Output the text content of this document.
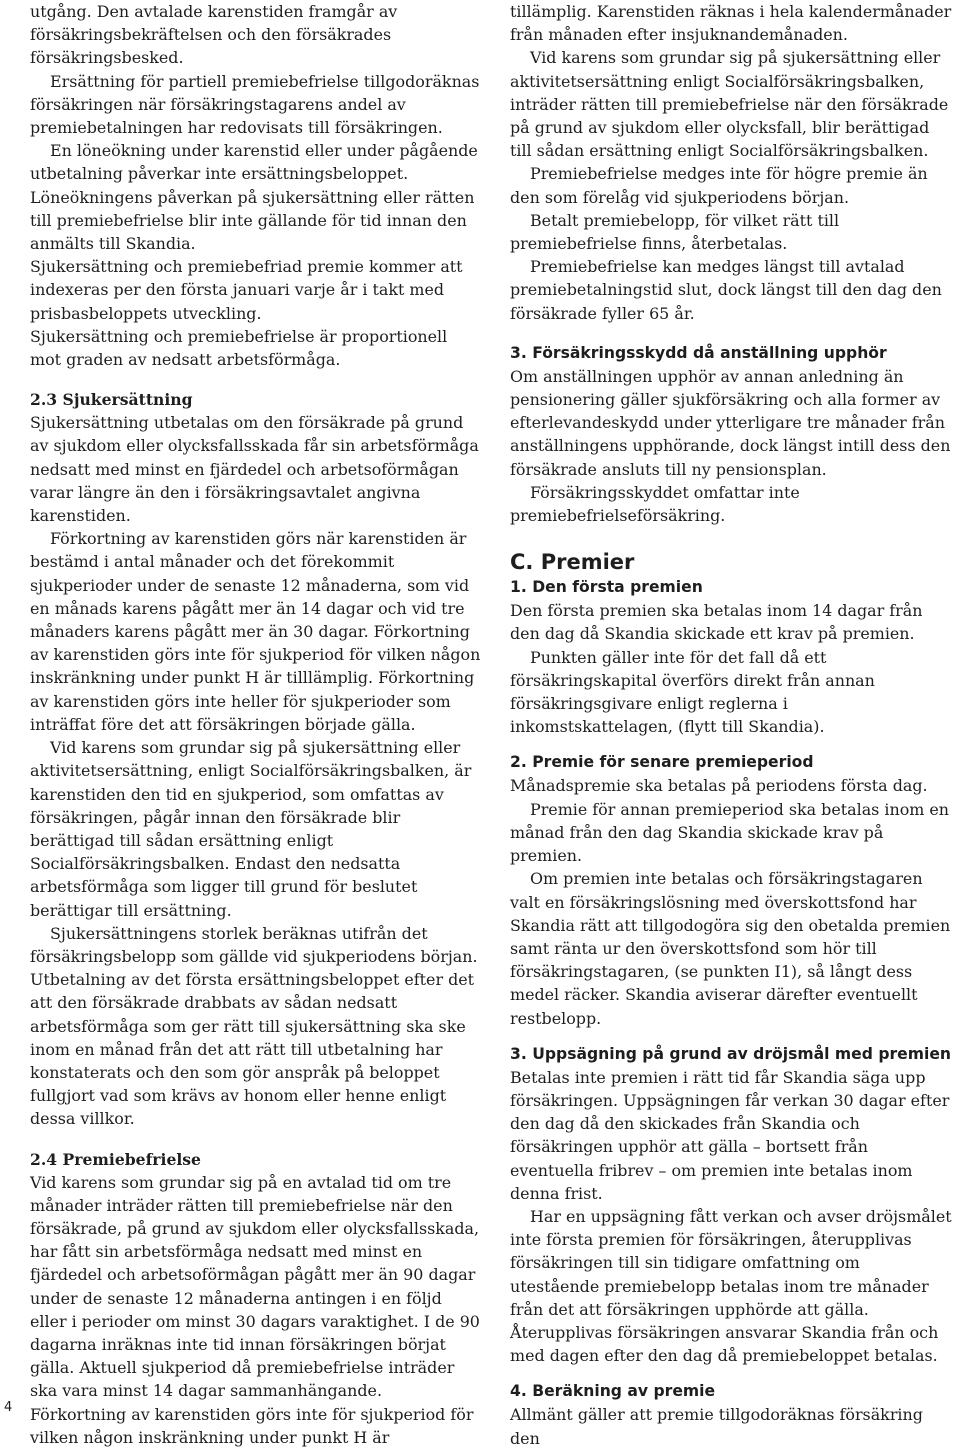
utgång. Den avtalade karenstiden framgår av försäkringsbekräftelsen och den försäkrades försäkringsbesked.

Ersättning för partiell premiebefrielse tillgodoräknas försäkringen när försäkringstagarens andel av premiebetalningen har redovisats till försäkringen.

En löneökning under karenstid eller under pågående utbetalning påverkar inte ersättningsbeloppet. Löneökningens påverkan på sjukersättning eller rätten till premiebefrielse blir inte gällande för tid innan den anmälts till Skandia.

Sjukersättning och premiebefriad premie kommer att indexeras per den första januari varje år i takt med prisbasbeloppets utveckling.

Sjukersättning och premiebefrielse är proportionell mot graden av nedsatt arbetsförmåga.

2.3 Sjukersättning

Sjukersättning utbetalas om den försäkrade på grund av sjukdom eller olycksfallsskada får sin arbetsförmåga nedsatt med minst en fjärdedel och arbetsoförmågan varar längre än den i försäkringsavtalet angivna karenstiden.

Förkortning av karenstiden görs när karenstiden är bestämd i antal månader och det förekommit sjukperioder under de senaste 12 månaderna, som vid en månads karens pågått mer än 14 dagar och vid tre månaders karens pågått mer än 30 dagar. Förkortning av karenstiden görs inte för sjukperiod för vilken någon inskränkning under punkt H är tilllämplig. Förkortning av karenstiden görs inte heller för sjukperioder som inträffat före det att försäkringen började gälla.

Vid karens som grundar sig på sjukersättning eller aktivitetsersättning, enligt Socialförsäkringsbalken, är karenstiden den tid en sjukperiod, som omfattas av försäkringen, pågår innan den försäkrade blir berättigad till sådan ersättning enligt Socialförsäkringsbalken. Endast den nedsatta arbetsförmåga som ligger till grund för beslutet berättigar till ersättning.

Sjukersättningens storlek beräknas utifrån det försäkringsbelopp som gällde vid sjukperiodens början. Utbetalning av det första ersättningsbeloppet efter det att den försäkrade drabbats av sådan nedsatt arbetsförmåga som ger rätt till sjukersättning ska ske inom en månad från det att rätt till utbetalning har konstaterats och den som gör anspråk på beloppet fullgjort vad som krävs av honom eller henne enligt dessa villkor.

2.4 Premiebefrielse

Vid karens som grundar sig på en avtalad tid om tre månader inträder rätten till premiebefrielse när den försäkrade, på grund av sjukdom eller olycksfallsskada, har fått sin arbetsförmåga nedsatt med minst en fjärdedel och arbetsoförmågan pågått mer än 90 dagar under de senaste 12 månaderna antingen i en följd eller i perioder om minst 30 dagars varaktighet. I de 90 dagarna inräknas inte tid innan försäkringen börjat gälla. Aktuell sjukperiod då premiebefrielse inträder ska vara minst 14 dagar sammanhängande. Förkortning av karenstiden görs inte för sjukperiod för vilken någon inskränkning under punkt H är

tillämplig. Karenstiden räknas i hela kalendermånader från månaden efter insjuknandemånaden.

Vid karens som grundar sig på sjukersättning eller aktivitetsersättning enligt Socialförsäkringsbalken, inträder rätten till premiebefrielse när den försäkrade på grund av sjukdom eller olycksfall, blir berättigad till sådan ersättning enligt Socialförsäkringsbalken.

Premiebefrielse medges inte för högre premie än den som förelåg vid sjukperiodens början.

Betalt premiebelopp, för vilket rätt till premiebefrielse finns, återbetalas.

Premiebefrielse kan medges längst till avtalad premiebetalningstid slut, dock längst till den dag den försäkrade fyller 65 år.

3. Försäkringsskydd då anställning upphör

Om anställningen upphör av annan anledning än pensionering gäller sjukförsäkring och alla former av efterlevandeskydd under ytterligare tre månader från anställningens upphörande, dock längst intill dess den försäkrade ansluts till ny pensionsplan.

Försäkringsskyddet omfattar inte premiebefrielseförsäkring.

C. Premier

1. Den första premien

Den första premien ska betalas inom 14 dagar från den dag då Skandia skickade ett krav på premien.

Punkten gäller inte för det fall då ett försäkringskapital överförs direkt från annan försäkringsgivare enligt reglerna i inkomstskattelagen, (flytt till Skandia).

2. Premie för senare premieperiod

Månadspremie ska betalas på periodens första dag.

Premie för annan premieperiod ska betalas inom en månad från den dag Skandia skickade krav på premien.

Om premien inte betalas och försäkringstagaren valt en försäkringslösning med överskottsfond har Skandia rätt att tillgodogöra sig den obetalda premien samt ränta ur den överskottsfond som hör till försäkringstagaren, (se punkten I1), så långt dess medel räcker. Skandia aviserar därefter eventuellt restbelopp.

3. Uppsägning på grund av dröjsmål med premien

Betalas inte premien i rätt tid får Skandia säga upp försäkringen. Uppsägningen får verkan 30 dagar efter den dag då den skickades från Skandia och försäkringen upphör att gälla – bortsett från eventuella fribrev – om premien inte betalas inom denna frist.

Har en uppsägning fått verkan och avser dröjsmålet inte första premien för försäkringen, återupplivas försäkringen till sin tidigare omfattning om utestående premiebelopp betalas inom tre månader från det att försäkringen upphörde att gälla. Återupplivas försäkringen ansvarar Skandia från och med dagen efter den dag då premiebeloppet betalas.

4. Beräkning av premie

Allmänt gäller att premie tillgodoräknas försäkring den

4
